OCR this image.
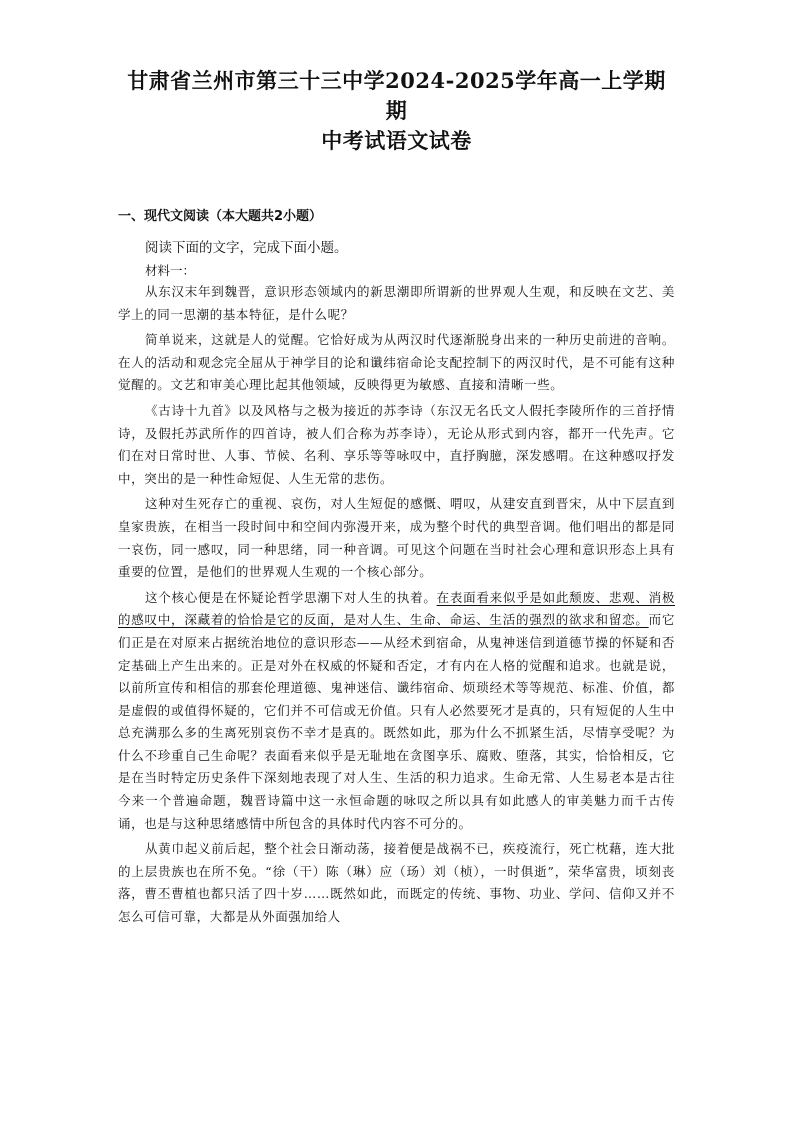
甘肃省兰州市第三十三中学2024-2025学年高一上学期期
中考试语文试卷
一、现代文阅读（本大题共2小题）

阅读下面的文字，完成下面小题。

材料一：

从东汉末年到魏晋，意识形态领域内的新思潮即所谓新的世界观人生观，和反映在文艺、美学上的同一思潮的基本特征，是什么呢？

简单说来，这就是人的觉醒。它恰好成为从两汉时代逐渐脱身出来的一种历史前进的音响。在人的活动和观念完全屈从于神学目的论和谶纬宿命论支配控制下的两汉时代，是不可能有这种觉醒的。文艺和审美心理比起其他领域，反映得更为敏感、直接和清晰一些。

《古诗十九首》以及风格与之极为接近的苏李诗（东汉无名氏文人假托李陵所作的三首抒情诗，及假托苏武所作的四首诗，被人们合称为苏李诗），无论从形式到内容，都开一代先声。它们在对日常时世、人事、节候、名利、享乐等等咏叹中，直抒胸臆，深发感喟。在这种感叹抒发中，突出的是一种性命短促、人生无常的悲伤。

这种对生死存亡的重视、哀伤，对人生短促的感慨、喟叹，从建安直到晋宋，从中下层直到皇家贵族，在相当一段时间中和空间内弥漫开来，成为整个时代的典型音调。他们唱出的都是同一哀伤，同一感叹，同一种思绪，同一种音调。可见这个问题在当时社会心理和意识形态上具有重要的位置，是他们的世界观人生观的一个核心部分。

这个核心便是在怀疑论哲学思潮下对人生的执着。在表面看来似乎是如此颓废、悲观、消极的感叹中，深藏着的恰恰是它的反面，是对人生、生命、命运、生活的强烈的欲求和留恋。而它们正是在对原来占据统治地位的意识形态——从经术到宿命，从鬼神迷信到道德节操的怀疑和否定基础上产生出来的。正是对外在权威的怀疑和否定，才有内在人格的觉醒和追求。也就是说，以前所宣传和相信的那套伦理道德、鬼神迷信、谶纬宿命、烦琐经术等等规范、标准、价值，都是虚假的或值得怀疑的，它们并不可信或无价值。只有人必然要死才是真的，只有短促的人生中总充满那么多的生离死别哀伤不幸才是真的。既然如此，那为什么不抓紧生活，尽情享受呢？为什么不珍重自己生命呢？表面看来似乎是无耻地在贪图享乐、腐败、堕落，其实，恰恰相反，它是在当时特定历史条件下深刻地表现了对人生、生活的积力追求。生命无常、人生易老本是古往今来一个普遍命题，魏晋诗篇中这一永恒命题的咏叹之所以具有如此感人的审美魅力而千古传诵，也是与这种思绪感情中所包含的具体时代内容不可分的。

从黄巾起义前后起，整个社会日渐动荡，接着便是战祸不已，疾疫流行，死亡枕藉，连大批的上层贵族也在所不免。“徐（干）陈（琳）应（玚）刘（桢），一时俱逝”，荣华富贵，顷刻丧落，曹丕曹植也都只活了四十岁……既然如此，而既定的传统、事物、功业、学问、信仰又并不怎么可信可靠，大都是从外面强加给人
